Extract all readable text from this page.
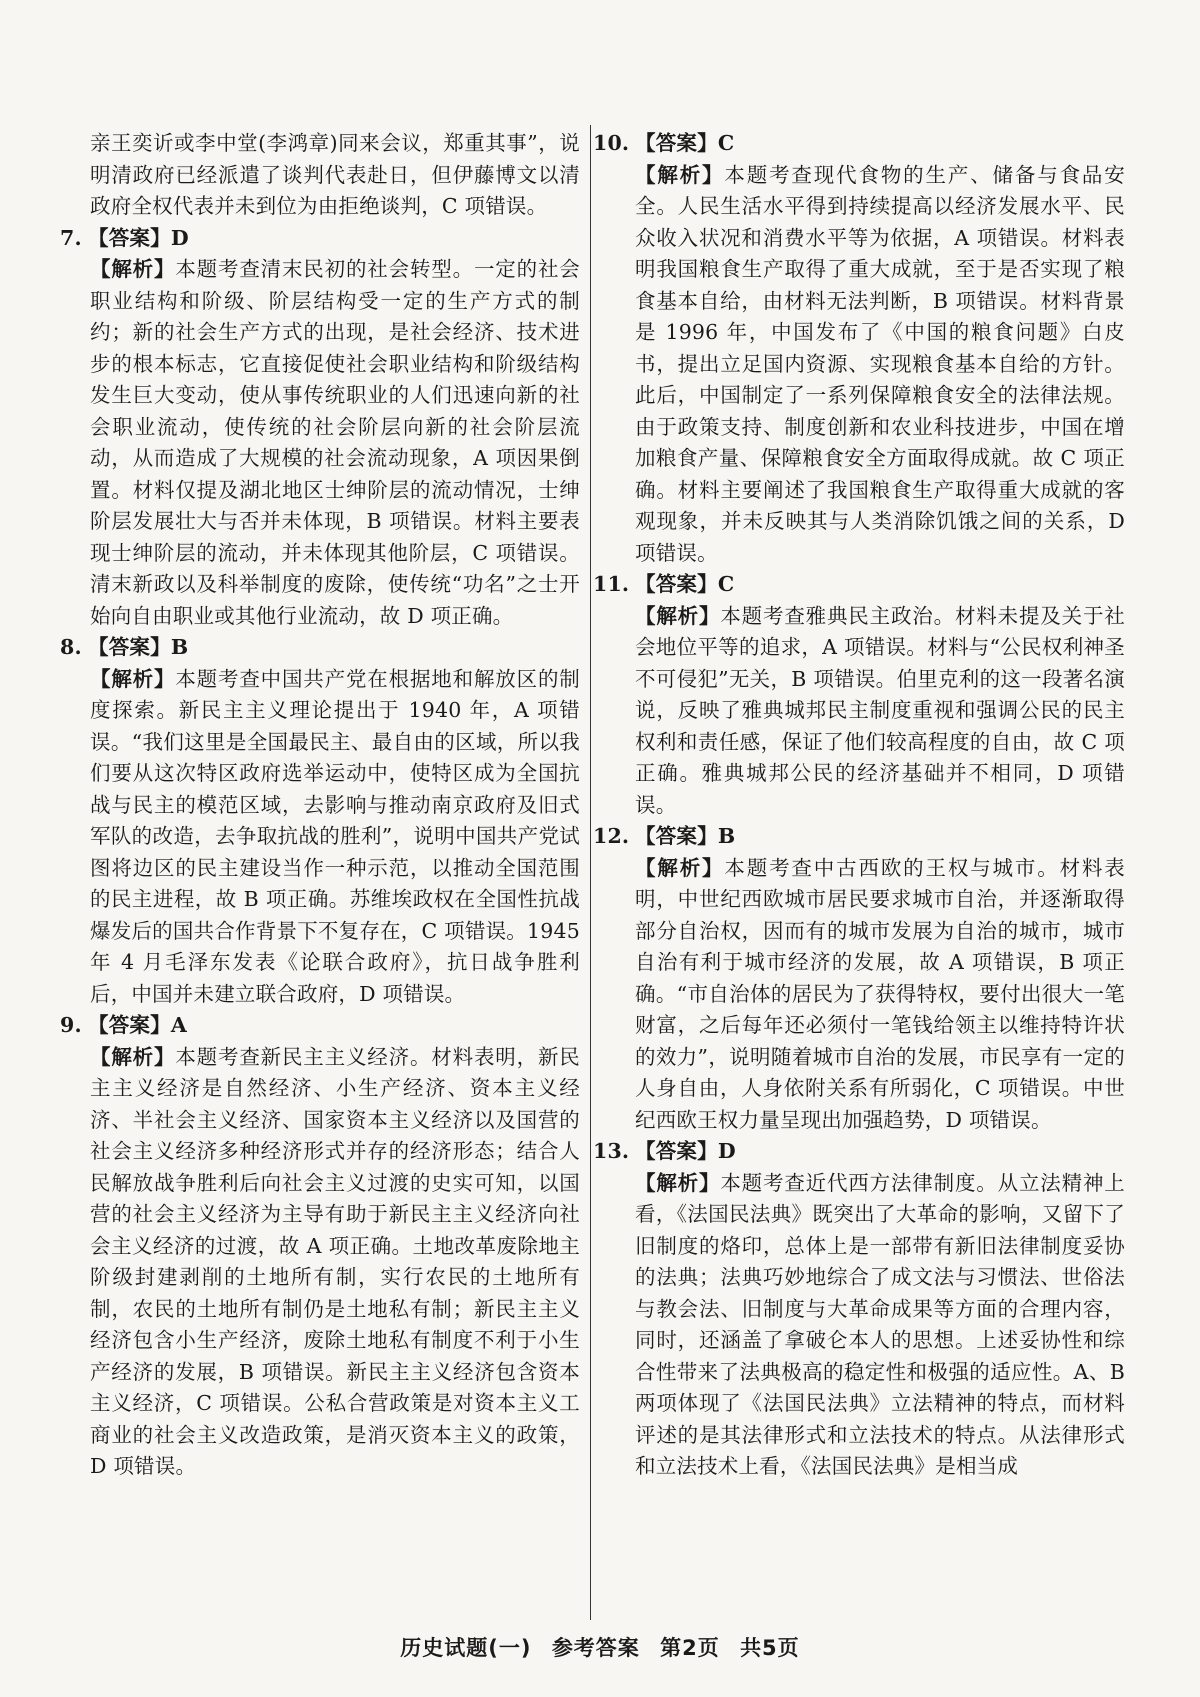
亲王奕䜣或李中堂(李鸿章)同来会议，郑重其事”，说明清政府已经派遣了谈判代表赴日，但伊藤博文以清政府全权代表并未到位为由拒绝谈判，C 项错误。

7. 【答案】D

【解析】本题考查清末民初的社会转型。一定的社会职业结构和阶级、阶层结构受一定的生产方式的制约；新的社会生产方式的出现，是社会经济、技术进步的根本标志，它直接促使社会职业结构和阶级结构发生巨大变动，使从事传统职业的人们迅速向新的社会职业流动，使传统的社会阶层向新的社会阶层流动，从而造成了大规模的社会流动现象，A 项因果倒置。材料仅提及湖北地区士绅阶层的流动情况，士绅阶层发展壮大与否并未体现，B 项错误。材料主要表现士绅阶层的流动，并未体现其他阶层，C 项错误。清末新政以及科举制度的废除，使传统“功名”之士开始向自由职业或其他行业流动，故 D 项正确。

8. 【答案】B

【解析】本题考查中国共产党在根据地和解放区的制度探索。新民主主义理论提出于 1940 年，A 项错误。“我们这里是全国最民主、最自由的区域，所以我们要从这次特区政府选举运动中，使特区成为全国抗战与民主的模范区域，去影响与推动南京政府及旧式军队的改造，去争取抗战的胜利”，说明中国共产党试图将边区的民主建设当作一种示范，以推动全国范围的民主进程，故 B 项正确。苏维埃政权在全国性抗战爆发后的国共合作背景下不复存在，C 项错误。1945 年 4 月毛泽东发表《论联合政府》，抗日战争胜利后，中国并未建立联合政府，D 项错误。

9. 【答案】A

【解析】本题考查新民主主义经济。材料表明，新民主主义经济是自然经济、小生产经济、资本主义经济、半社会主义经济、国家资本主义经济以及国营的社会主义经济多种经济形式并存的经济形态；结合人民解放战争胜利后向社会主义过渡的史实可知，以国营的社会主义经济为主导有助于新民主主义经济向社会主义经济的过渡，故 A 项正确。土地改革废除地主阶级封建剥削的土地所有制，实行农民的土地所有制，农民的土地所有制仍是土地私有制；新民主主义经济包含小生产经济，废除土地私有制度不利于小生产经济的发展，B 项错误。新民主主义经济包含资本主义经济，C 项错误。公私合营政策是对资本主义工商业的社会主义改造政策，是消灭资本主义的政策，D 项错误。

10. 【答案】C

【解析】本题考查现代食物的生产、储备与食品安全。人民生活水平得到持续提高以经济发展水平、民众收入状况和消费水平等为依据，A 项错误。材料表明我国粮食生产取得了重大成就，至于是否实现了粮食基本自给，由材料无法判断，B 项错误。材料背景是 1996 年，中国发布了《中国的粮食问题》白皮书，提出立足国内资源、实现粮食基本自给的方针。此后，中国制定了一系列保障粮食安全的法律法规。由于政策支持、制度创新和农业科技进步，中国在增加粮食产量、保障粮食安全方面取得成就。故 C 项正确。材料主要阐述了我国粮食生产取得重大成就的客观现象，并未反映其与人类消除饥饿之间的关系，D 项错误。

11. 【答案】C

【解析】本题考查雅典民主政治。材料未提及关于社会地位平等的追求，A 项错误。材料与“公民权利神圣不可侵犯”无关，B 项错误。伯里克利的这一段著名演说，反映了雅典城邦民主制度重视和强调公民的民主权利和责任感，保证了他们较高程度的自由，故 C 项正确。雅典城邦公民的经济基础并不相同，D 项错误。

12. 【答案】B

【解析】本题考查中古西欧的王权与城市。材料表明，中世纪西欧城市居民要求城市自治，并逐渐取得部分自治权，因而有的城市发展为自治的城市，城市自治有利于城市经济的发展，故 A 项错误，B 项正确。“市自治体的居民为了获得特权，要付出很大一笔财富，之后每年还必须付一笔钱给领主以维持特许状的效力”，说明随着城市自治的发展，市民享有一定的人身自由，人身依附关系有所弱化，C 项错误。中世纪西欧王权力量呈现出加强趋势，D 项错误。

13. 【答案】D

【解析】本题考查近代西方法律制度。从立法精神上看，《法国民法典》既突出了大革命的影响，又留下了旧制度的烙印，总体上是一部带有新旧法律制度妥协的法典；法典巧妙地综合了成文法与习惯法、世俗法与教会法、旧制度与大革命成果等方面的合理内容，同时，还涵盖了拿破仑本人的思想。上述妥协性和综合性带来了法典极高的稳定性和极强的适应性。A、B 两项体现了《法国民法典》立法精神的特点，而材料评述的是其法律形式和立法技术的特点。从法律形式和立法技术上看，《法国民法典》是相当成

历史试题(一) 参考答案 第2页 共5页
